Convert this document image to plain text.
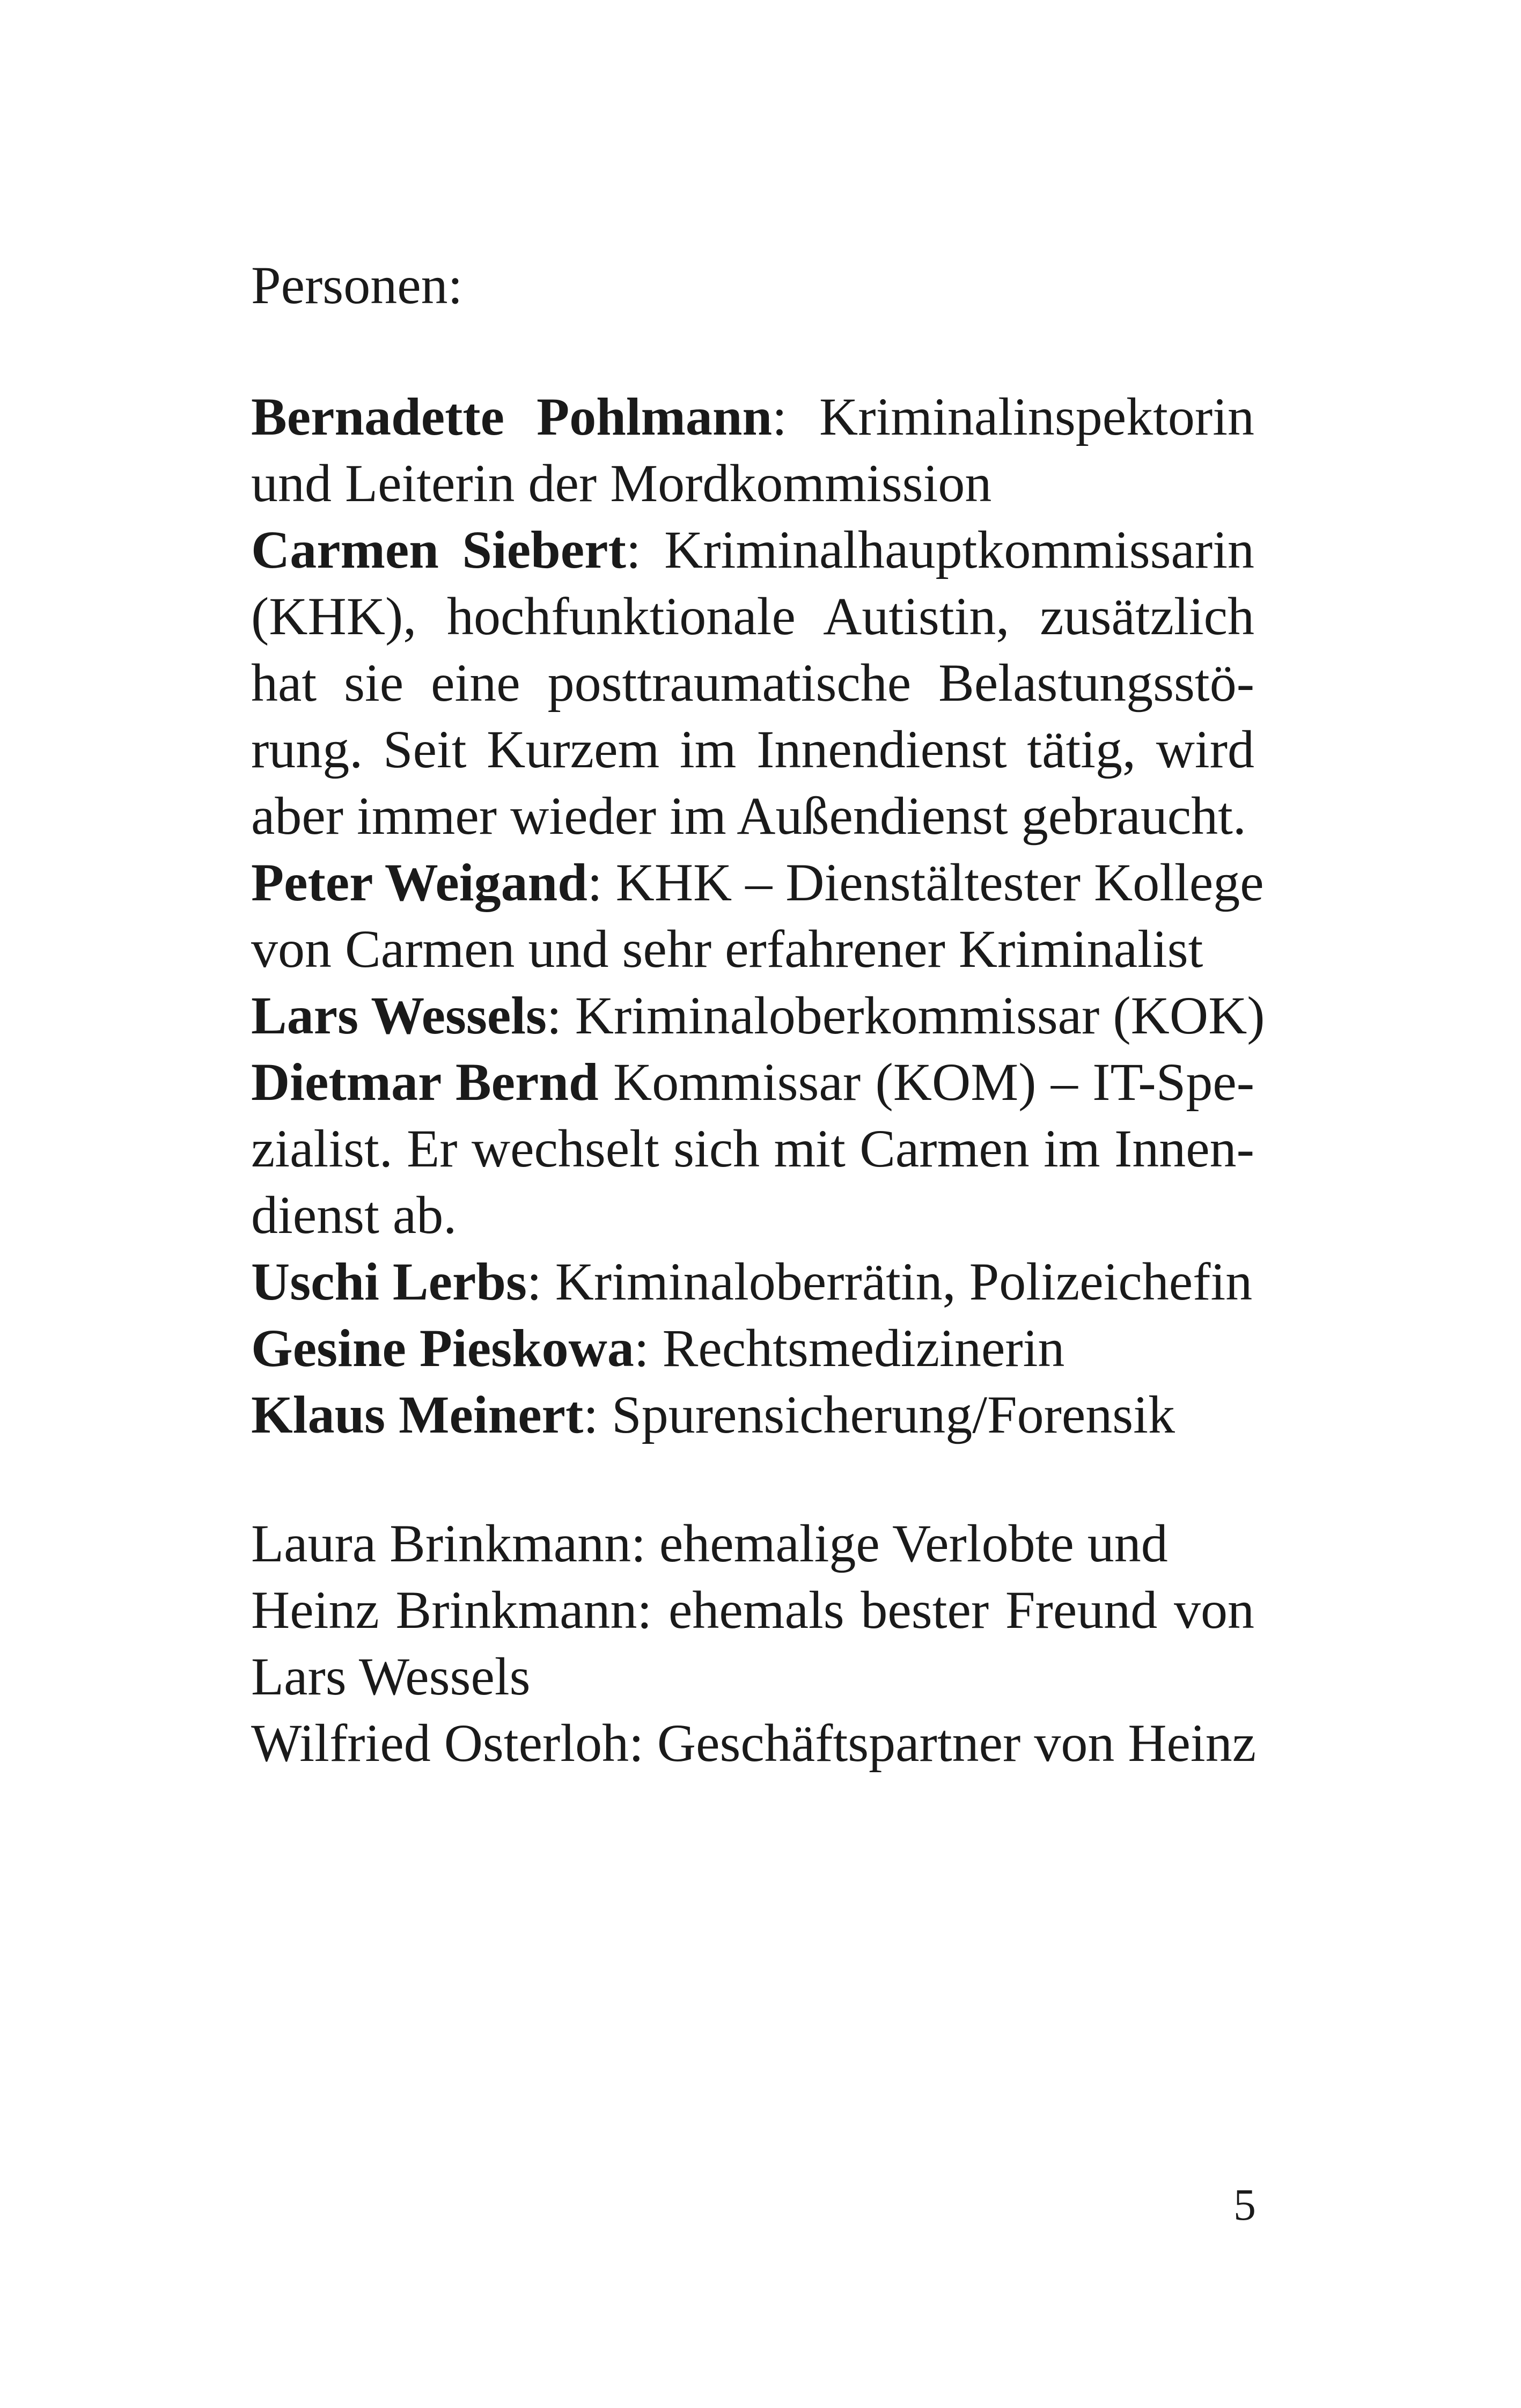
Personen:
Bernadette Pohlmann: Kriminalinspektorin
und Leiterin der Mordkommission
Carmen Siebert: Kriminalhauptkommissarin
(KHK), hochfunktionale Autistin, zusätzlich
hat sie eine posttraumatische Belastungsstö-
rung. Seit Kurzem im Innendienst tätig, wird
aber immer wieder im Außendienst gebraucht.
Peter Weigand: KHK – Dienstältester Kollege
von Carmen und sehr erfahrener Kriminalist
Lars Wessels: Kriminaloberkommissar (KOK)
Dietmar Bernd Kommissar (KOM) – IT-Spe-
zialist. Er wechselt sich mit Carmen im Innen-
dienst ab.
Uschi Lerbs: Kriminaloberrätin, Polizeichefin
Gesine Pieskowa: Rechtsmedizinerin
Klaus Meinert: Spurensicherung/Forensik
Laura Brinkmann: ehemalige Verlobte und
Heinz Brinkmann: ehemals bester Freund von
Lars Wessels
Wilfried Osterloh: Geschäftspartner von Heinz
5
